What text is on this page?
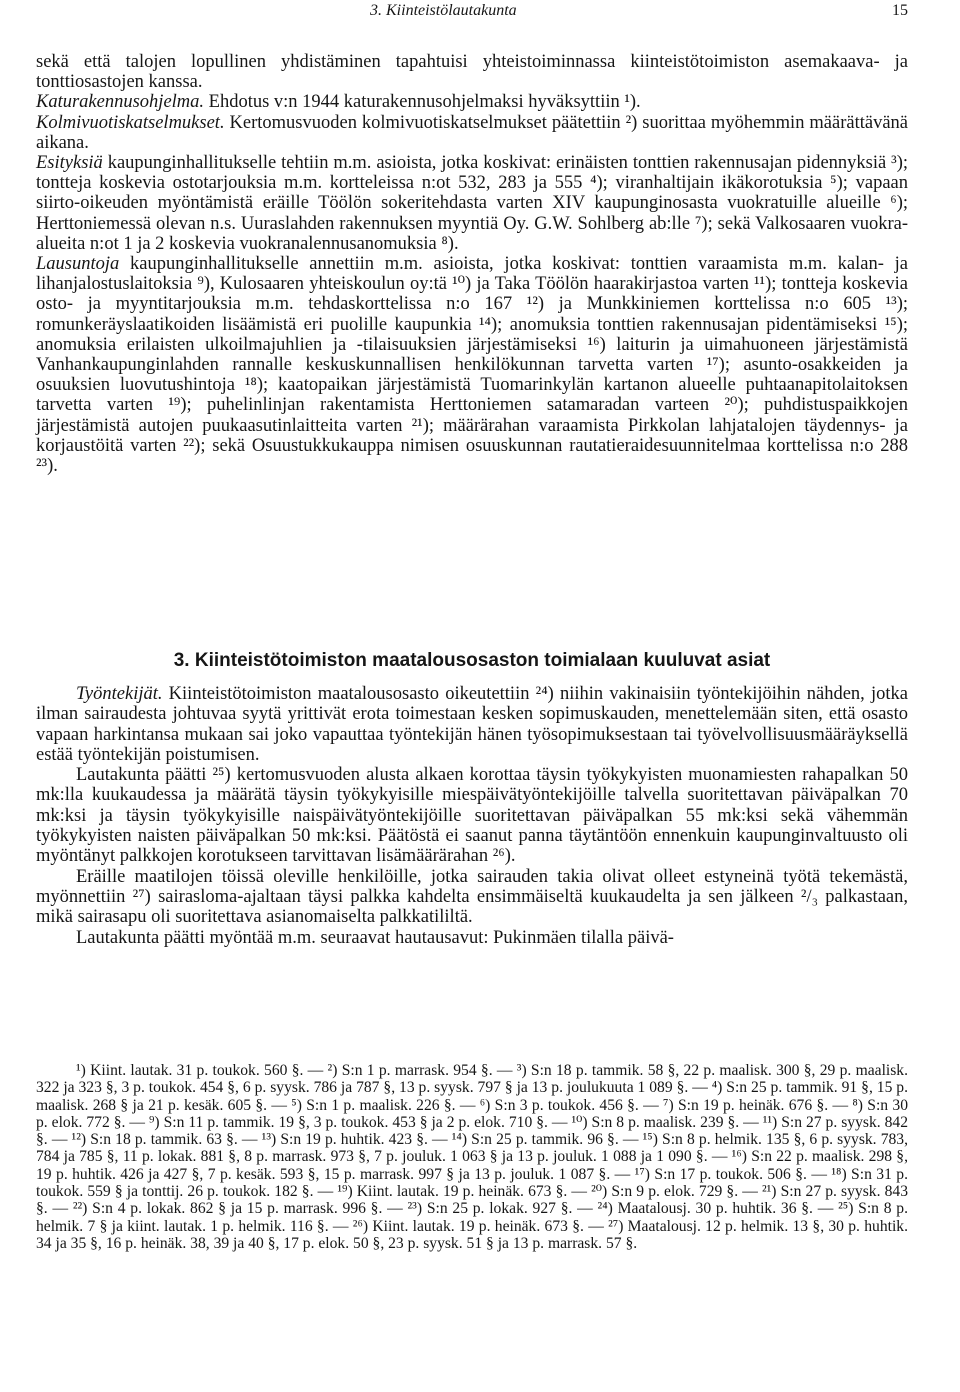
3. Kiinteistölautakunta	15

sekä että talojen lopullinen yhdistäminen tapahtuisi yhteistoiminnassa kiinteistötoimiston asemakaava- ja tonttiosastojen kanssa.
Katurakennusohjelma. Ehdotus v:n 1944 katurakennusohjelmaksi hyväksyttiin ¹).
Kolmivuotiskatselmukset. Kertomusvuoden kolmivuotiskatselmukset päätettiin ²) suorittaa myöhemmin määrättävänä aikana.
Esityksiä kaupunginhallitukselle tehtiin m.m. asioista, jotka koskivat: erinäisten tonttien rakennusajan pidennyksiä ³); tontteja koskevia ostotarjouksia m.m. kortteleissa n:ot 532, 283 ja 555 ⁴); viranhaltijain ikäkorotuksia ⁵); vapaan siirto-oikeuden myöntämistä eräille Töölön sokeritehdasta varten XIV kaupunginosasta vuokratuille alueille ⁶); Herttoniemessä olevan n.s. Uuraslahden rakennuksen myyntiä Oy. G.W. Sohlberg ab:lle ⁷); sekä Valkosaaren vuokra-alueita n:ot 1 ja 2 koskevia vuokranalennusanomuksia ⁸).
Lausuntoja kaupunginhallitukselle annettiin m.m. asioista, jotka koskivat: tonttien varaamista m.m. kalan- ja lihanjalostuslaitoksia ⁹), Kulosaaren yhteiskoulun oy:tä ¹⁰) ja Taka Töölön haarakirjastoa varten ¹¹); tontteja koskevia osto- ja myyntitarjouksia m.m. tehdaskorttelissa n:o 167 ¹²) ja Munkkiniemen korttelissa n:o 605 ¹³); romunkeräyslaatikoiden lisäämistä eri puolille kaupunkia ¹⁴); anomuksia tonttien rakennusajan pidentämiseksi ¹⁵); anomuksia erilaisten ulkoilmajuhlien ja -tilaisuuksien järjestämiseksi ¹⁶) laiturin ja uimahuoneen järjestämistä Vanhankaupunginlahden rannalle keskuskunnallisen henkilökunnan tarvetta varten ¹⁷); asunto-osakkeiden ja osuuksien luovutushintoja ¹⁸); kaatopaikan järjestämistä Tuomarinkylän kartanon alueelle puhtaanapitolaitoksen tarvetta varten ¹⁹); puhelinlinjan rakentamista Herttoniemen satamaradan varteen ²⁰); puhdistuspaikkojen järjestämistä autojen puukaasutinlaitteita varten ²¹); määrärahan varaamista Pirkkolan lahjatalojen täydennys- ja korjaustöitä varten ²²); sekä Osuustukkukauppa nimisen osuuskunnan rautatieraidesuunnitelmaa korttelissa n:o 288 ²³).

3. Kiinteistötoimiston maatalousosaston toimialaan kuuluvat asiat

Työntekijät. Kiinteistötoimiston maatalousosasto oikeutettiin ²⁴) niihin vakinaisiin työntekijöihin nähden, jotka ilman sairaudesta johtuvaa syytä yrittivät erota toimestaan kesken sopimuskauden, menettelemään siten, että osasto vapaan harkintansa mukaan sai joko vapauttaa työntekijän hänen työsopimuksestaan tai työvelvollisuusmääräyksellä estää työntekijän poistumisen.

Lautakunta päätti ²⁵) kertomusvuoden alusta alkaen korottaa täysin työkykyisten muonamiesten rahapalkan 50 mk:lla kuukaudessa ja määrätä täysin työkykyisille miespäivätyöntekijöille talvella suoritettavan päiväpalkan 70 mk:ksi ja täysin työkykyisille naispäivätyöntekijöille suoritettavan päiväpalkan 55 mk:ksi sekä vähemmän työkykyisten naisten päiväpalkan 50 mk:ksi. Päätöstä ei saanut panna täytäntöön ennenkuin kaupunginvaltuusto oli myöntänyt palkkojen korotukseen tarvittavan lisämäärärahan ²⁶).

Eräille maatilojen töissä oleville henkilöille, jotka sairauden takia olivat olleet estyneinä työtä tekemästä, myönnettiin ²⁷) sairasloma-ajaltaan täysi palkka kahdelta ensimmäiseltä kuukaudelta ja sen jälkeen ²/₃ palkastaan, mikä sairasapu oli suoritettava asianomaiselta palkkatililtä.

Lautakunta päätti myöntää m.m. seuraavat hautausavut: Pukinmäen tilalla päivä-

¹) Kiint. lautak. 31 p. toukok. 560 §. — ²) S:n 1 p. marrask. 954 §. — ³) S:n 18 p. tammik. 58 §, 22 p. maalisk. 300 §, 29 p. maalisk. 322 ja 323 §, 3 p. toukok. 454 §, 6 p. syysk. 786 ja 787 §, 13 p. syysk. 797 § ja 13 p. joulukuuta 1 089 §. — ⁴) S:n 25 p. tammik. 91 §, 15 p. maalisk. 268 § ja 21 p. kesäk. 605 §. — ⁵) S:n 1 p. maalisk. 226 §. — ⁶) S:n 3 p. toukok. 456 §. — ⁷) S:n 19 p. heinäk. 676 §. — ⁸) S:n 30 p. elok. 772 §. — ⁹) S:n 11 p. tammik. 19 §, 3 p. toukok. 453 § ja 2 p. elok. 710 §. — ¹⁰) S:n 8 p. maalisk. 239 §. — ¹¹) S:n 27 p. syysk. 842 §. — ¹²) S:n 18 p. tammik. 63 §. — ¹³) S:n 19 p. huhtik. 423 §. — ¹⁴) S:n 25 p. tammik. 96 §. — ¹⁵) S:n 8 p. helmik. 135 §, 6 p. syysk. 783, 784 ja 785 §, 11 p. lokak. 881 §, 8 p. marrask. 973 §, 7 p. jouluk. 1 063 § ja 13 p. jouluk. 1 088 ja 1 090 §. — ¹⁶) S:n 22 p. maalisk. 298 §, 19 p. huhtik. 426 ja 427 §, 7 p. kesäk. 593 §, 15 p. marrask. 997 § ja 13 p. jouluk. 1 087 §. — ¹⁷) S:n 17 p. toukok. 506 §. — ¹⁸) S:n 31 p. toukok. 559 § ja tonttij. 26 p. toukok. 182 §. — ¹⁹) Kiint. lautak. 19 p. heinäk. 673 §. — ²⁰) S:n 9 p. elok. 729 §. — ²¹) S:n 27 p. syysk. 843 §. — ²²) S:n 4 p. lokak. 862 § ja 15 p. marrask. 996 §. — ²³) S:n 25 p. lokak. 927 §. — ²⁴) Maatalousj. 30 p. huhtik. 36 §. — ²⁵) S:n 8 p. helmik. 7 § ja kiint. lautak. 1 p. helmik. 116 §. — ²⁶) Kiint. lautak. 19 p. heinäk. 673 §. — ²⁷) Maatalousj. 12 p. helmik. 13 §, 30 p. huhtik. 34 ja 35 §, 16 p. heinäk. 38, 39 ja 40 §, 17 p. elok. 50 §, 23 p. syysk. 51 § ja 13 p. marrask. 57 §.
